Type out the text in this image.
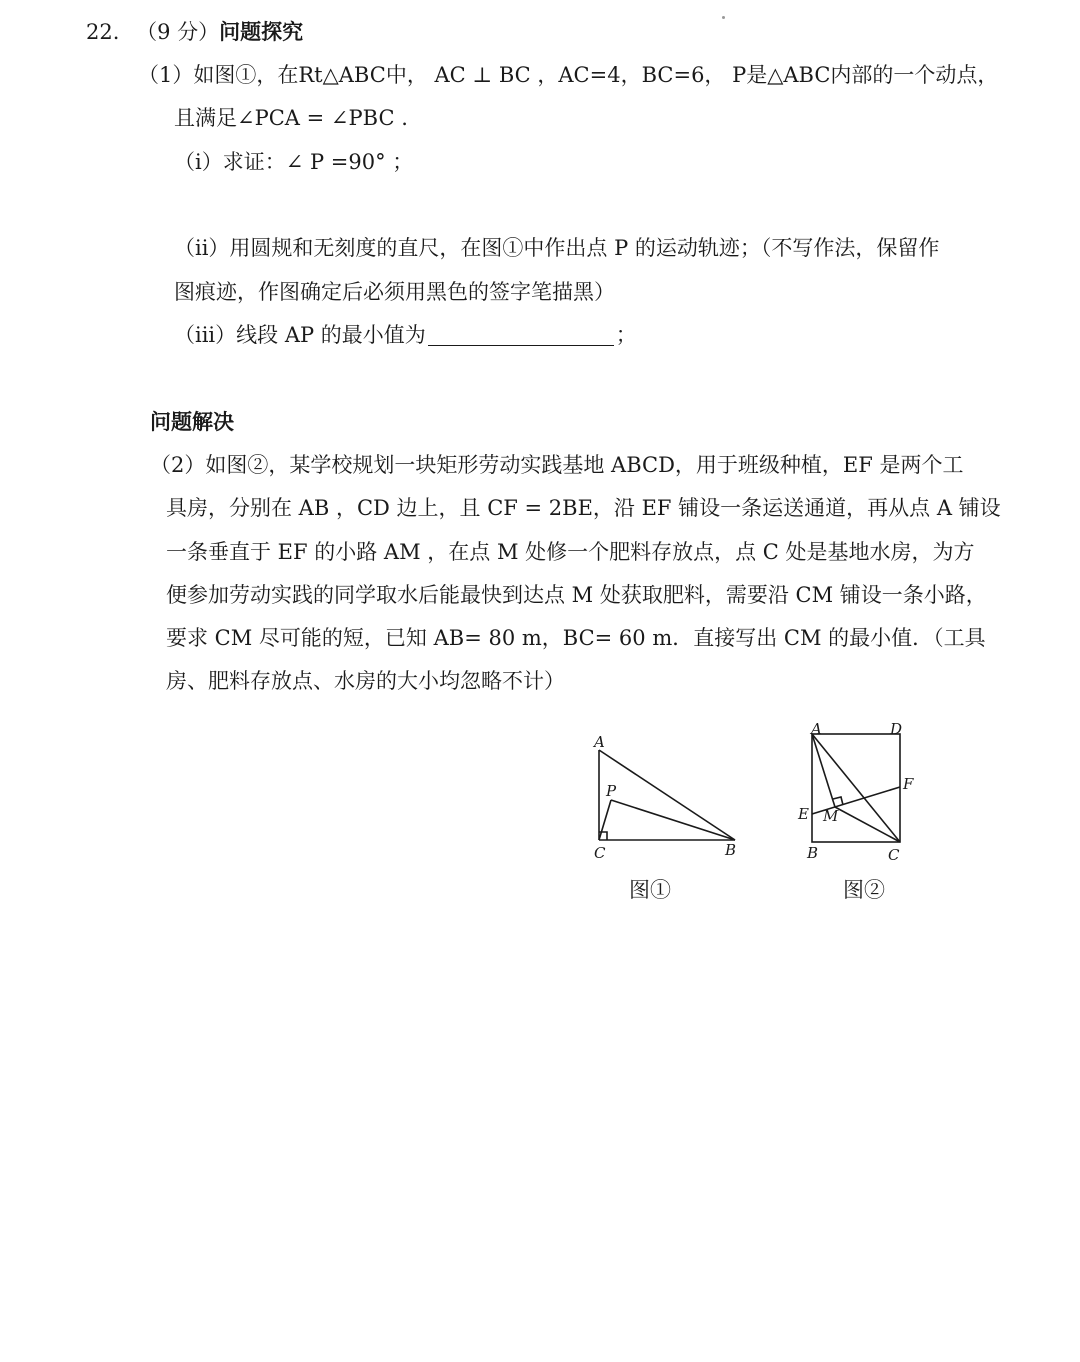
22. （9 分）问题探究
（1）如图①，在Rt△ABC中， AC ⊥ BC ，AC=4，BC=6， P是△ABC内部的一个动点，
且满足∠PCA = ∠PBC .
（i）求证：∠ P =90° ；
（ii）用圆规和无刻度的直尺，在图①中作出点 P 的运动轨迹；（不写作法，保留作
图痕迹，作图确定后必须用黑色的签字笔描黑）
（iii）线段 AP 的最小值为	；
问题解决
（2）如图②，某学校规划一块矩形劳动实践基地 ABCD，用于班级种植，EF 是两个工
具房，分别在 AB ，CD 边上，且 CF = 2BE，沿 EF 铺设一条运送通道，再从点 A 铺设
一条垂直于 EF 的小路 AM ，在点 M 处修一个肥料存放点，点 C 处是基地水房，为方
便参加劳动实践的同学取水后能最快到达点 M 处获取肥料，需要沿 CM 铺设一条小路，
要求 CM 尽可能的短，已知 AB= 80 m，BC= 60 m．直接写出 CM 的最小值．（工具
房、肥料存放点、水房的大小均忽略不计）
A
P
C	B
图①
A	D
F
E M
B	C
图②
